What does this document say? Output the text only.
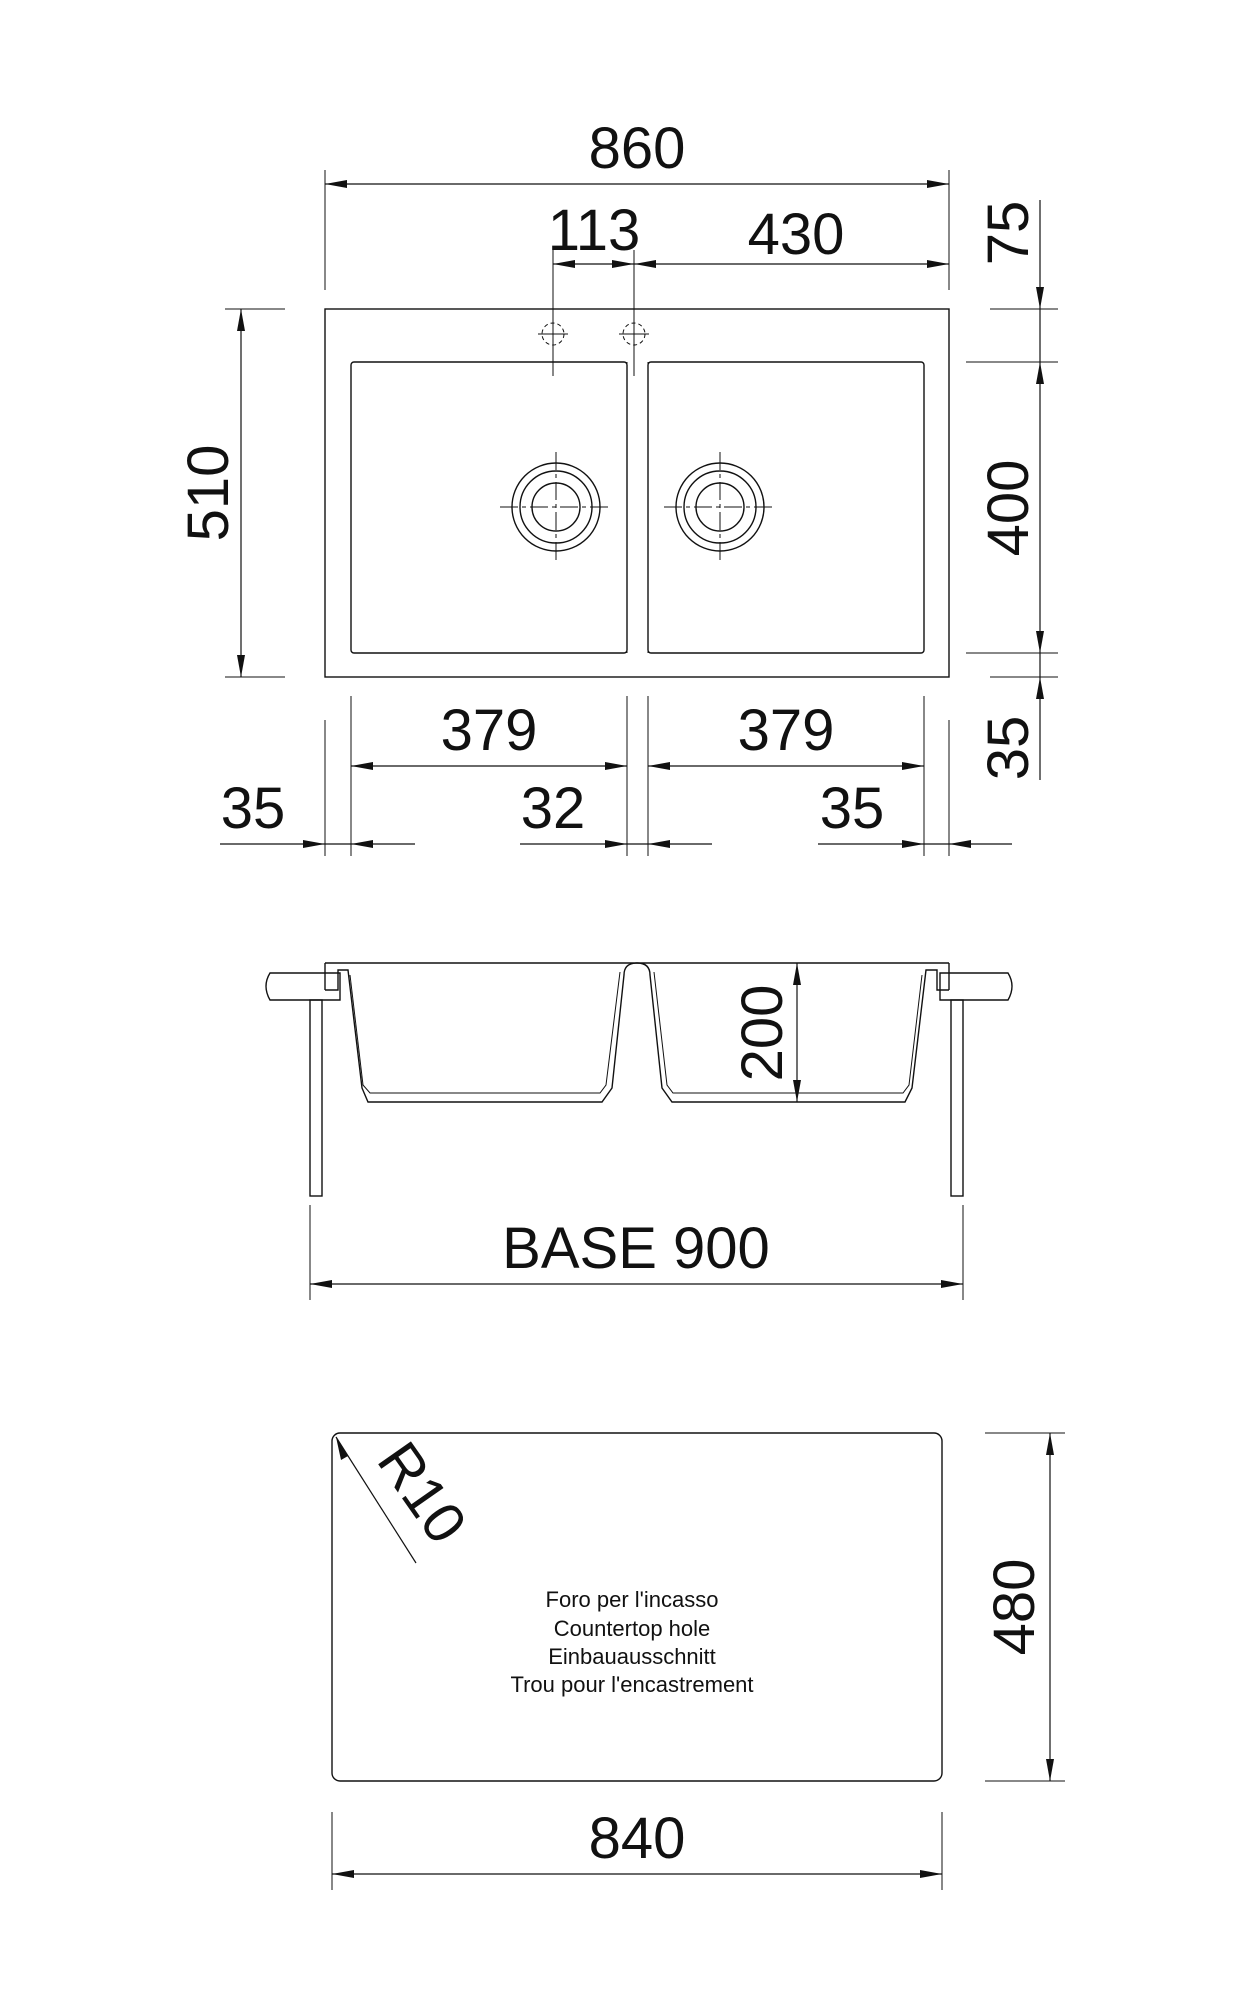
860
113 430
510
75
400
35
379	379
35	32	35
200
BASE 900
R10
Foro per l'incasso
Countertop hole
Einbauausschnitt
Trou pour l'encastrement
480
840
